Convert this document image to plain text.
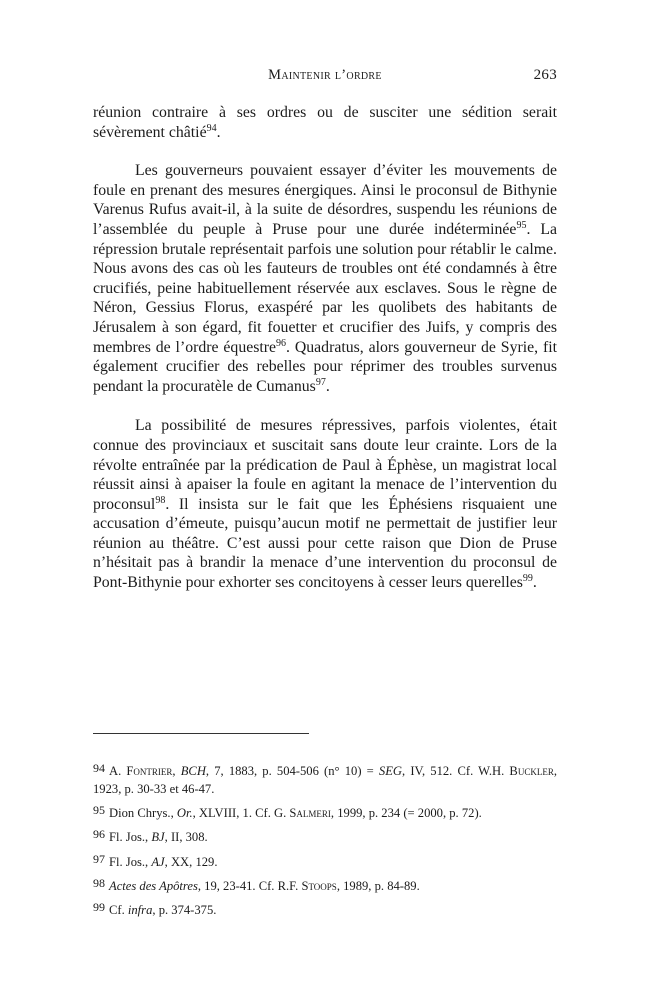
Maintenir l’ordre	263

réunion contraire à ses ordres ou de susciter une sédition serait sévèrement châtié$^{94}$.

Les gouverneurs pouvaient essayer d’éviter les mouvements de foule en prenant des mesures énergiques. Ainsi le proconsul de Bithynie Varenus Rufus avait-il, à la suite de désordres, suspendu les réunions de l’assemblée du peuple à Pruse pour une durée indéterminée$^{95}$. La répression brutale représentait parfois une solution pour rétablir le calme. Nous avons des cas où les fauteurs de troubles ont été condamnés à être crucifiés, peine habituellement réservée aux esclaves. Sous le règne de Néron, Gessius Florus, exaspéré par les quolibets des habitants de Jérusalem à son égard, fit fouetter et crucifier des Juifs, y compris des membres de l’ordre équestre$^{96}$. Quadratus, alors gouverneur de Syrie, fit également crucifier des rebelles pour réprimer des troubles survenus pendant la procuratèle de Cumanus$^{97}$.

La possibilité de mesures répressives, parfois violentes, était connue des provinciaux et suscitait sans doute leur crainte. Lors de la révolte entraînée par la prédication de Paul à Éphèse, un magistrat local réussit ainsi à apaiser la foule en agitant la menace de l’intervention du proconsul$^{98}$. Il insista sur le fait que les Éphésiens risquaient une accusation d’émeute, puisqu’aucun motif ne permettait de justifier leur réunion au théâtre. C’est aussi pour cette raison que Dion de Pruse n’hésitait pas à brandir la menace d’une intervention du proconsul de Pont-Bithynie pour exhorter ses concitoyens à cesser leurs querelles$^{99}$.

94 A. Fontrier, BCH, 7, 1883, p. 504-506 (n° 10) = SEG, IV, 512. Cf. W.H. Buckler, 1923, p. 30-33 et 46-47.

95 Dion Chrys., Or., XLVIII, 1. Cf. G. Salmeri, 1999, p. 234 (= 2000, p. 72).

96 Fl. Jos., BJ, II, 308.

97 Fl. Jos., AJ, XX, 129.

98 Actes des Apôtres, 19, 23-41. Cf. R.F. Stoops, 1989, p. 84-89.

99 Cf. infra, p. 374-375.
